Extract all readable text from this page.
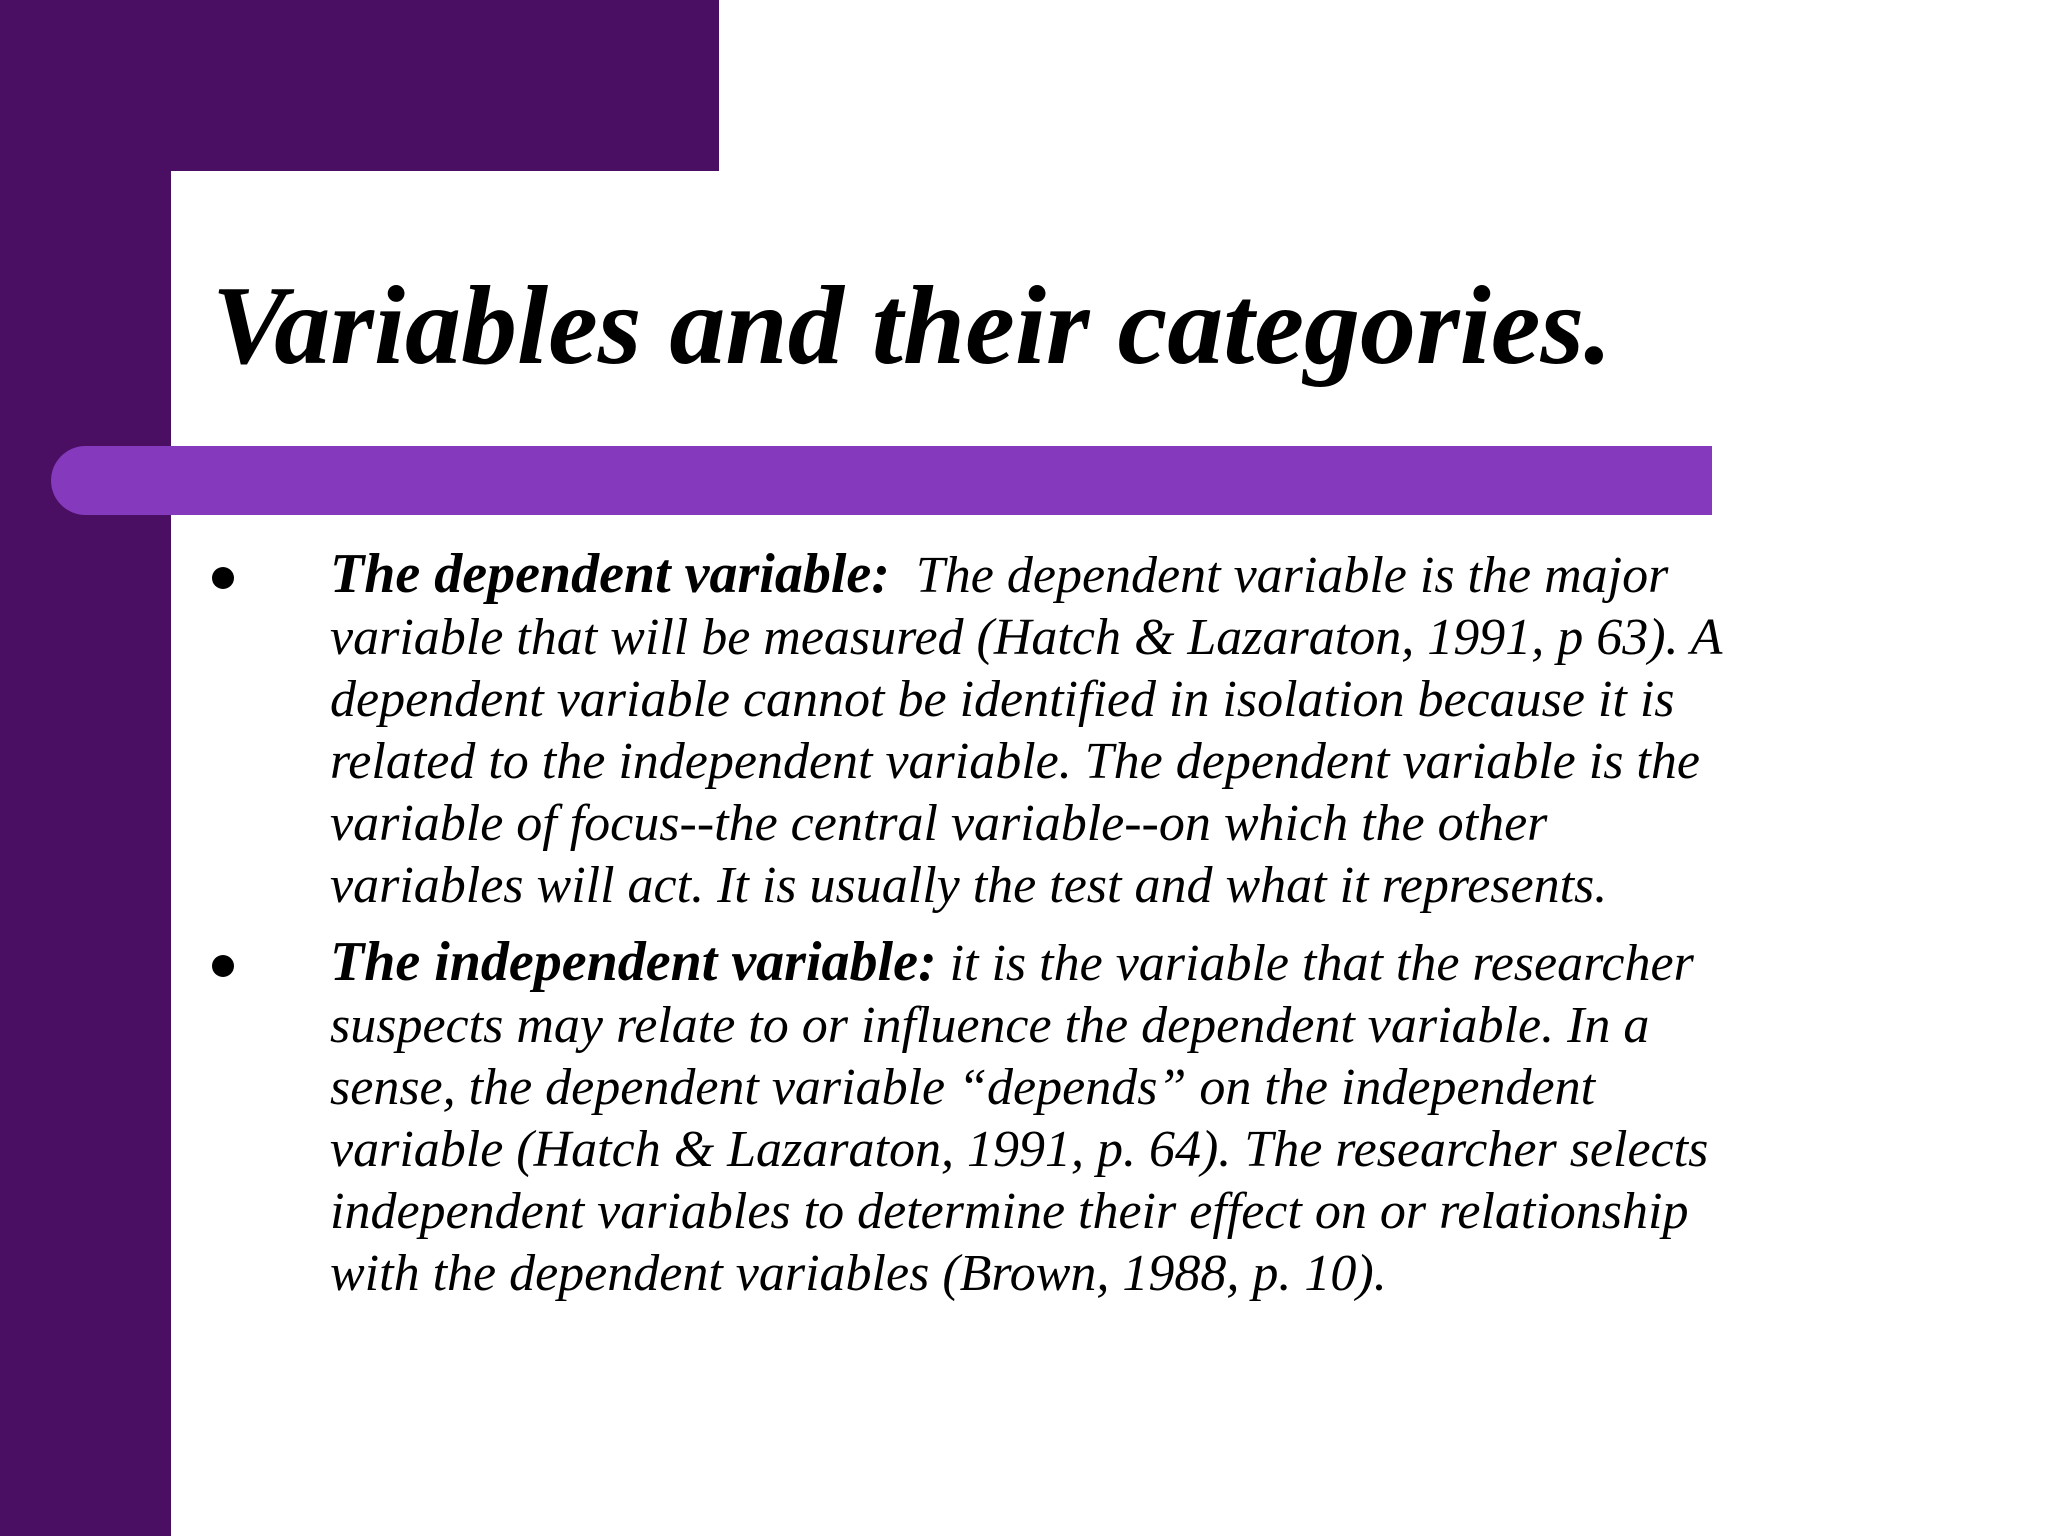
Variables and their categories.
The dependent variable: The dependent variable is the major
variable that will be measured (Hatch & Lazaraton, 1991, p 63). A
dependent variable cannot be identified in isolation because it is
related to the independent variable. The dependent variable is the
variable of focus--the central variable--on which the other
variables will act. It is usually the test and what it represents.
The independent variable: it is the variable that the researcher
suspects may relate to or influence the dependent variable. In a
sense, the dependent variable “depends” on the independent
variable (Hatch & Lazaraton, 1991, p. 64). The researcher selects
independent variables to determine their effect on or relationship
with the dependent variables (Brown, 1988, p. 10).
